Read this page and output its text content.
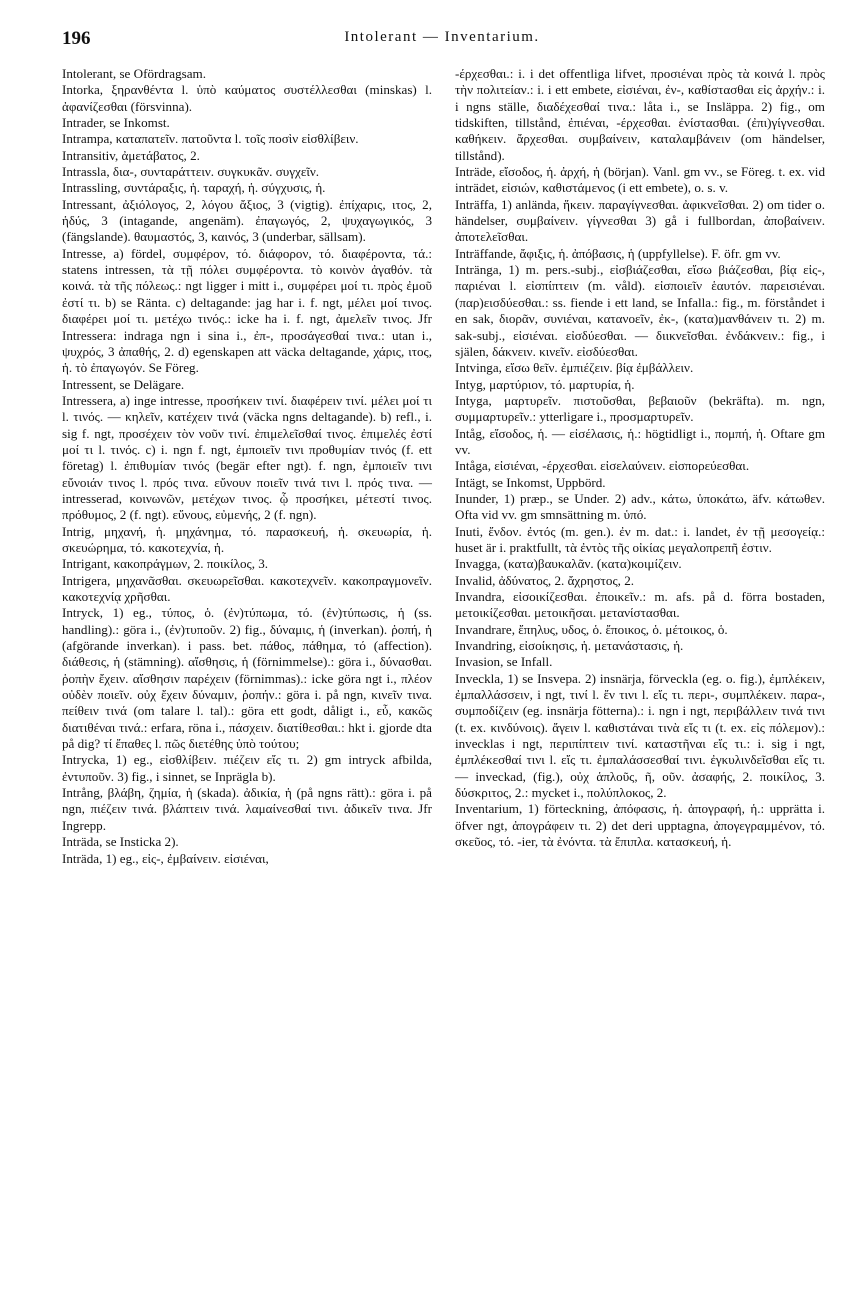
196	Intolerant — Inventarium.
Intolerant, se Ofördragsam.
Intorka, ξηρανθέντα l. ὑπὸ καύματος συστέλλεσθαι (minskas) l. ἀφανίζεσθαι (försvinna).
Intrader, se Inkomst.
Intrampa, καταπατεῖν. πατοῦντα l. τοῖς ποσὶν εἰσθλίβειν.
Intransitiv, ἀμετάβατος, 2.
Intrassla, δια-, συνταράττειν. συγκυκᾶν. συγχεῖν.
Intrassling, συντάραξις, ἡ. ταραχή, ἡ. σύγχυσις, ἡ.
Intressant, ἀξιόλογος, 2, λόγου ἄξιος, 3 (vigtig). ἐπίχαρις, ιτος, 2, ἡδύς, 3 (intagande, angenäm). ἐπαγωγός, 2, ψυχαγωγικός, 3 (fängslande). θαυμαστός, 3, καινός, 3 (underbar, sällsam).
Intresse, a) fördel, συμφέρον, τό. διάφορον, τό. διαφέροντα, τά.: statens intressen, τὰ τῇ πόλει συμφέροντα. τὸ κοινὸν ἀγαθόν. τὰ κοινά. τὰ τῆς πόλεως.: ngt ligger i mitt i., συμφέρει μοί τι. πρὸς ἐμοῦ ἐστί τι. b) se Ränta. c) deltagande: jag har i. f. ngt, μέλει μοί τινος. διαφέρει μοί τι. μετέχω τινός.: icke ha i. f. ngt, ἀμελεῖν τινος. Jfr Intressera: indraga ngn i sina i., ἐπ-, προσάγεσθαί τινα.: utan i., ψυχρός, 3 ἀπαθής, 2. d) egenskapen att väcka deltagande, χάρις, ιτος, ἡ. τὸ ἐπαγωγόν. Se Föreg.
Intressent, se Delägare.
Intressera, a) inge intresse, προσήκειν τινί. διαφέρειν τινί. μέλει μοί τι l. τινός. — κηλεῖν, κατέχειν τινά (väcka ngns deltagande). b) refl., i. sig f. ngt, προσέχειν τὸν νοῦν τινί. ἐπιμελεῖσθαί τινος. ἐπιμελές ἐστί μοί τι l. τινός. c) i. ngn f. ngt, ἐμποιεῖν τινι προθυμίαν τινός (f. ett företag) l. ἐπιθυμίαν τινός (begär efter ngt). f. ngn, ἐμποιεῖν τινι εὔνοιάν τινος l. πρός τινα. εὔνουν ποιεῖν τινά τινι l. πρός τινα. — intresserad, κοινωνῶν, μετέχων τινος. ᾧ προσήκει, μέτεστί τινος. πρόθυμος, 2 (f. ngt). εὔνους, εὐμενής, 2 (f. ngn).
Intrig, μηχανή, ἡ. μηχάνημα, τό. παρασκευή, ἡ. σκευωρία, ἡ. σκευώρημα, τό. κακοτεχνία, ἡ.
Intrigant, κακοπράγμων, 2. ποικίλος, 3.
Intrigera, μηχανᾶσθαι. σκευωρεῖσθαι. κακοτεχνεῖν. κακοπραγμονεῖν. κακοτεχνίᾳ χρῆσθαι.
Intryck, 1) eg., τύπος, ὁ. (ἐν)τύπωμα, τό. (ἐν)τύπωσις, ἡ (ss. handling).: göra i., (ἐν)τυποῦν. 2) fig., δύναμις, ἡ (inverkan). ῥοπή, ἡ (afgörande inverkan). i pass. bet. πάθος, πάθημα, τό (affection). διάθεσις, ἡ (stämning). αἴσθησις, ἡ (förnimmelse).: göra i., δύνασθαι. ῥοπὴν ἔχειν. αἴσθησιν παρέχειν (förnimmas).: icke göra ngt i., πλέον οὐδὲν ποιεῖν. οὐχ ἔχειν δύναμιν, ῥοπήν.: göra i. på ngn, κινεῖν τινα. πείθειν τινά (om talare l. tal).: göra ett godt, dåligt i., εὖ, κακῶς διατιθέναι τινά.: erfara, röna i., πάσχειν. διατίθεσθαι.: hkt i. gjorde dta på dig? τί ἔπαθες l. πῶς διετέθης ὑπὸ τούτου;
Intrycka, 1) eg., εἰσθλίβειν. πιέζειν εἴς τι. 2) gm intryck afbilda, ἐντυποῦν. 3) fig., i sinnet, se Inprägla b).
Intrång, βλάβη, ζημία, ἡ (skada). ἀδικία, ἡ (på ngns rätt).: göra i. på ngn, πιέζειν τινά. βλάπτειν τινά. λαμαίνεσθαί τινι. ἀδικεῖν τινα. Jfr Ingrepp.
Inträda, se Insticka 2).
Inträda, 1) eg., εἰς-, ἐμβαίνειν. εἰσιέναι,
-έρχεσθαι.: i. i det offentliga lifvet, προσιέναι πρὸς τὰ κοινά l. πρὸς τὴν πολιτείαν.: i. i ett embete, εἰσιέναι, ἐν-, καθίστασθαι εἰς ἀρχήν.: i. i ngns ställe, διαδέχεσθαί τινα.: låta i., se Insläppa. 2) fig., om tidskiften, tillstånd, ἐπιέναι, -έρχεσθαι. ἐνίστασθαι. (ἐπι)γίγνεσθαι. καθήκειν. ἄρχεσθαι. συμβαίνειν, καταλαμβάνειν (om händelser, tillstånd).
Inträde, εἴσοδος, ἡ. ἀρχή, ἡ (början). Vanl. gm vv., se Föreg. t. ex. vid inträdet, εἰσιών, καθιστάμενος (i ett embete), o. s. v.
Inträffa, 1) anlända, ἥκειν. παραγίγνεσθαι. ἀφικνεῖσθαι. 2) om tider o. händelser, συμβαίνειν. γίγνεσθαι 3) gå i fullbordan, ἀποβαίνειν. ἀποτελεῖσθαι.
Inträffande, ἄφιξις, ἡ. ἀπόβασις, ἡ (uppfyllelse). F. öfr. gm vv.
Intränga, 1) m. pers.-subj., εἰσβιάζεσθαι, εἴσω βιάζεσθαι, βίᾳ εἰς-, παριέναι l. εἰσπίπτειν (m. våld). εἰσποιεῖν ἑαυτόν. παρεισιέναι. (παρ)εισδύεσθαι.: ss. fiende i ett land, se Infalla.: fig., m. förståndet i en sak, διορᾶν, συνιέναι, κατανοεῖν, ἐκ-, (κατα)μανθάνειν τι. 2) m. sak-subj., εἰσιέναι. εἰσδύεσθαι. — διικνεῖσθαι. ἐνδάκνειν.: fig., i själen, δάκνειν. κινεῖν. εἰσδύεσθαι.
Intvinga, εἴσω θεῖν. ἐμπιέζειν. βίᾳ ἐμβάλλειν.
Intyg, μαρτύριον, τό. μαρτυρία, ἡ.
Intyga, μαρτυρεῖν. πιστοῦσθαι, βεβαιοῦν (bekräfta). m. ngn, συμμαρτυρεῖν.: ytterligare i., προσμαρτυρεῖν.
Intåg, εἴσοδος, ἡ. — εἰσέλασις, ἡ.: högtidligt i., πομπή, ἡ. Oftare gm vv.
Intåga, εἰσιέναι, -έρχεσθαι. εἰσελαύνειν. εἰσπορεύεσθαι.
Intägt, se Inkomst, Uppbörd.
Inunder, 1) præp., se Under. 2) adv., κάτω, ὑποκάτω, äfv. κάτωθεν. Ofta vid vv. gm smnsättning m. ὑπό.
Inuti, ἔνδον. ἐντός (m. gen.). ἐν m. dat.: i. landet, ἐν τῇ μεσογείᾳ.: huset är i. praktfullt, τὰ ἐντὸς τῆς οἰκίας μεγαλοπρεπῆ ἐστιν.
Invagga, (κατα)βαυκαλᾶν. (κατα)κοιμίζειν.
Invalid, ἀδύνατος, 2. ἄχρηστος, 2.
Invandra, εἰσοικίζεσθαι. ἐποικεῖν.: m. afs. på d. förra bostaden, μετοικίζεσθαι. μετοικῆσαι. μετανίστασθαι.
Invandrare, ἔπηλυς, υδος, ὁ. ἔποικος, ὁ. μέτοικος, ὁ.
Invandring, εἰσοίκησις, ἡ. μετανάστασις, ἡ.
Invasion, se Infall.
Inveckla, 1) se Insvepa. 2) insnärja, förveckla (eg. o. fig.), ἐμπλέκειν, ἐμπαλλάσσειν, i ngt, τινί l. ἔν τινι l. εἴς τι. περι-, συμπλέκειν. παρα-, συμποδίζειν (eg. insnärja fötterna).: i. ngn i ngt, περιβάλλειν τινά τινι (t. ex. κινδύνοις). ἄγειν l. καθιστάναι τινὰ εἴς τι (t. ex. εἰς πόλεμον).: invecklas i ngt, περιπίπτειν τινί. καταστῆναι εἴς τι.: i. sig i ngt, ἐμπλέκεσθαί τινι l. εἴς τι. ἐμπαλάσσεσθαί τινι. ἐγκυλινδεῖσθαι εἴς τι. — inveckad, (fig.), οὐχ ἁπλοῦς, ῆ, οῦν. ἀσαφής, 2. ποικίλος, 3. δύσκριτος, 2.: mycket i., πολύπλοκος, 2.
Inventarium, 1) förteckning, ἀπόφασις, ἡ. ἀπογραφή, ἡ.: upprätta i. öfver ngt, ἀπογράφειν τι. 2) det deri upptagna, ἀπογεγραμμένον, τό. σκεῦος, τό. -ier, τὰ ἐνόντα. τὰ ἔπιπλα. κατασκευή, ἡ.
